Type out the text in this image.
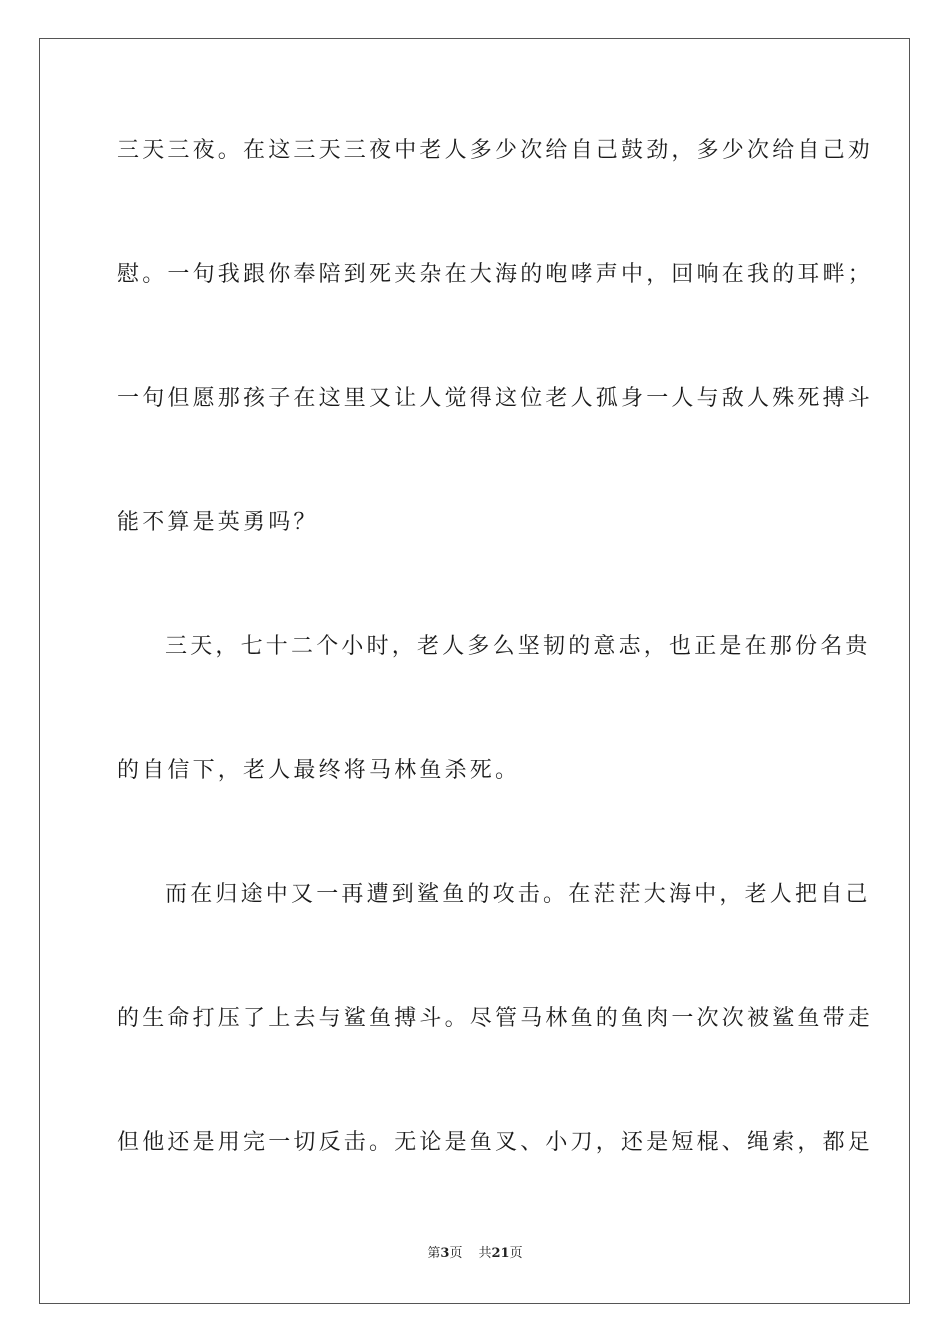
三天三夜。在这三天三夜中老人多少次给自己鼓劲，多少次给自己劝
慰。一句我跟你奉陪到死夹杂在大海的咆哮声中，回响在我的耳畔；
一句但愿那孩子在这里又让人觉得这位老人孤身一人与敌人殊死搏斗
能不算是英勇吗？
三天，七十二个小时，老人多么坚韧的意志，也正是在那份名贵
的自信下，老人最终将马林鱼杀死。
而在归途中又一再遭到鲨鱼的攻击。在茫茫大海中，老人把自己
的生命打压了上去与鲨鱼搏斗。尽管马林鱼的鱼肉一次次被鲨鱼带走
但他还是用完一切反击。无论是鱼叉、小刀，还是短棍、绳索，都足
第3页 共21页
